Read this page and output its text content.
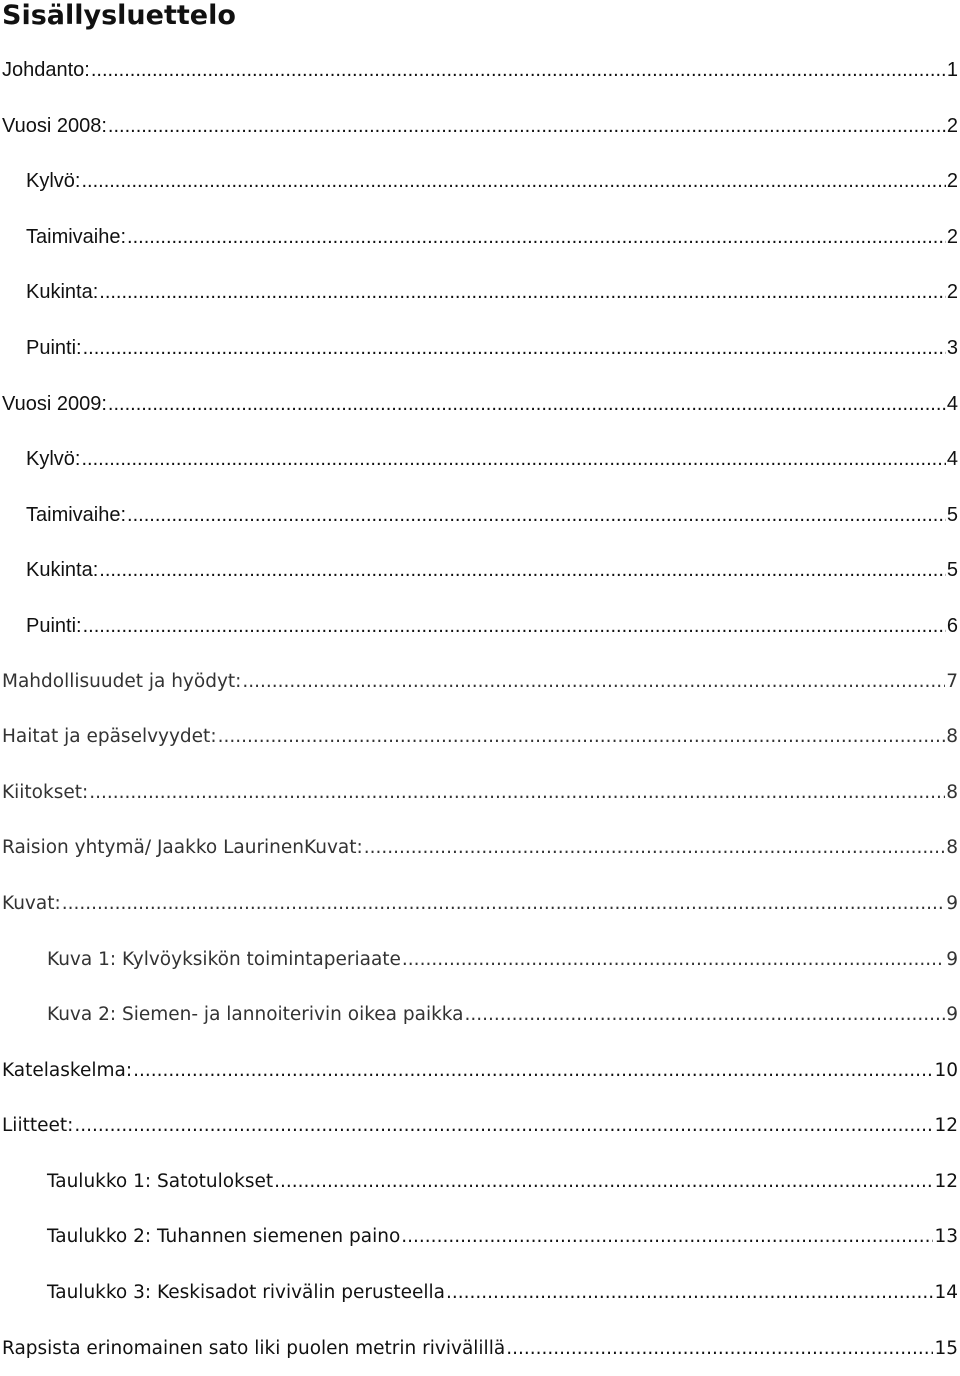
Sisällysluettelo
Johdanto: .....	1
Vuosi 2008: .....	2
Kylvö: .....	2
Taimivaihe: .....	2
Kukinta: .....	2
Puinti: .....	3
Vuosi 2009: .....	4
Kylvö: .....	4
Taimivaihe: .....	5
Kukinta: .....	5
Puinti: .....	6
Mahdollisuudet ja hyödyt: .....	7
Haitat ja epäselvyydet: .....	8
Kiitokset: .....	8
Raision yhtymä/ Jaakko LaurinenKuvat: .....	8
Kuvat: .....	9
Kuva 1: Kylvöyksikön toimintaperiaate .....	9
Kuva 2: Siemen- ja lannoiterivin oikea paikka .....	9
Katelaskelma: .....	10
Liitteet: .....	12
Taulukko 1: Satotulokset .....	12
Taulukko 2: Tuhannen siemenen paino .....	13
Taulukko 3: Keskisadot rivivälin perusteella .....	14
Rapsista erinomainen sato liki puolen metrin rivivälillä .....	15
